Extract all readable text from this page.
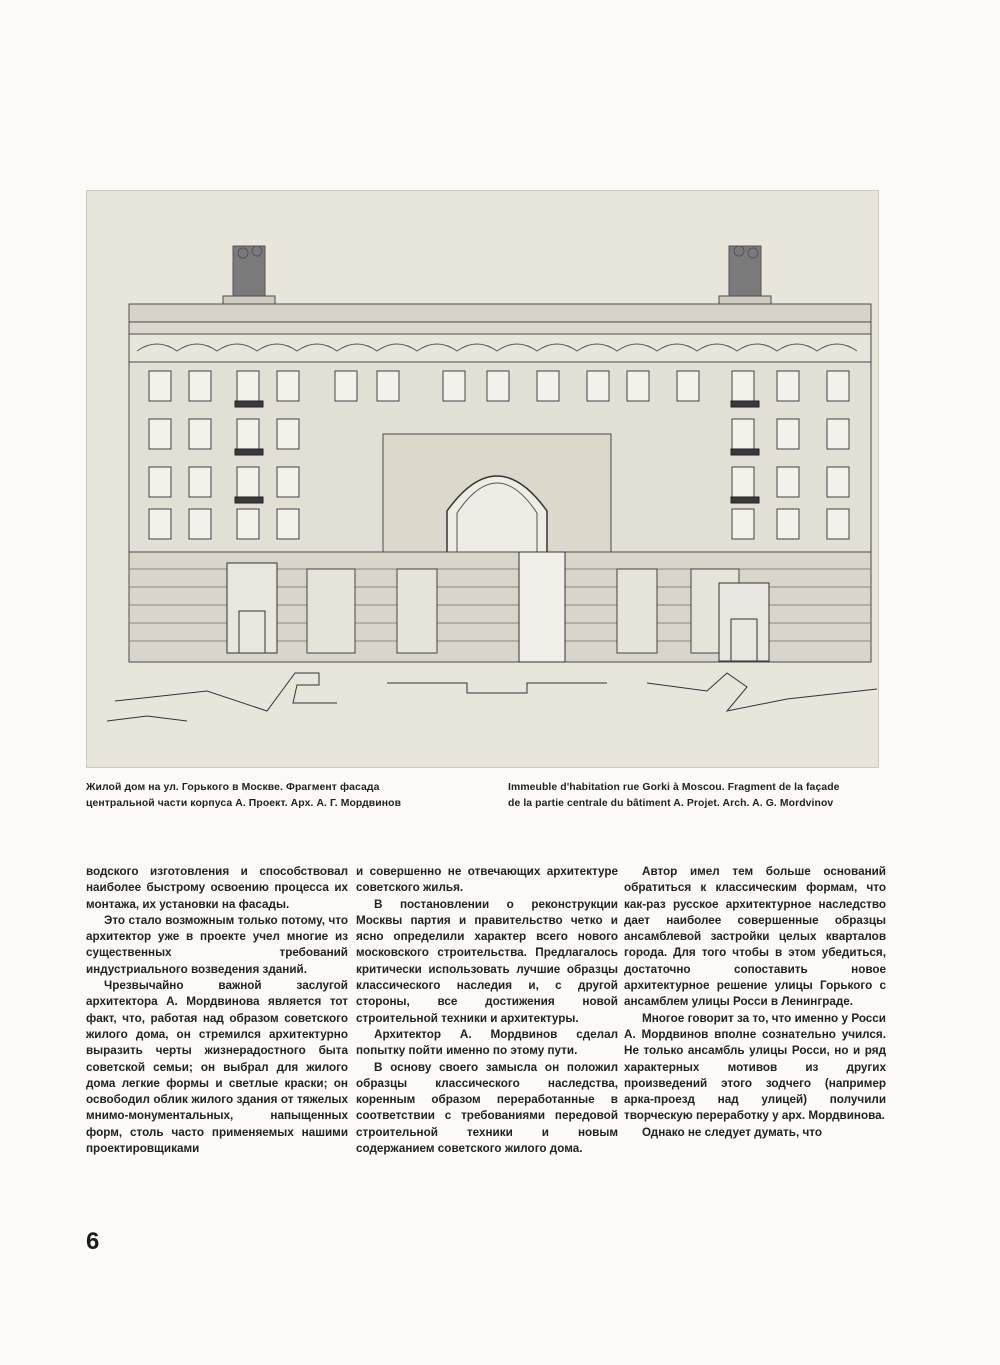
Жилой дом на ул. Горького в Москве. Фрагмент фасада
центральной части корпуса А. Проект. Арх. А. Г. Мордвинов
Immeuble d'habitation rue Gorki à Moscou. Fragment de la façade
de la partie centrale du bâtiment A. Projet. Arch. A. G. Mordvinov

водского изготовления и способствовал наиболее быстрому освоению процесса их монтажа, их установки на фасады.

Это стало возможным только потому, что архитектор уже в проекте учел многие из существенных требований индустриального возведения зданий.

Чрезвычайно важной заслугой архитектора А. Мордвинова является тот факт, что, работая над образом советского жилого дома, он стремился архитектурно выразить черты жизнерадостного быта советской семьи; он выбрал для жилого дома легкие формы и светлые краски; он освободил облик жилого здания от тяжелых мнимо-монументальных, напыщенных форм, столь часто применяемых нашими проектировщиками

и совершенно не отвечающих архитектуре советского жилья.

В постановлении о реконструкции Москвы партия и правительство четко и ясно определили характер всего нового московского строительства. Предлагалось критически использовать лучшие образцы классического наследия и, с другой стороны, все достижения новой строительной техники и архитектуры.

Архитектор А. Мордвинов сделал попытку пойти именно по этому пути.

В основу своего замысла он положил образцы классического наследства, коренным образом переработанные в соответствии с требованиями передовой строительной техники и новым содержанием советского жилого дома.

Автор имел тем больше оснований обратиться к классическим формам, что как-раз русское архитектурное наследство дает наиболее совершенные образцы ансамблевой застройки целых кварталов города. Для того чтобы в этом убедиться, достаточно сопоставить новое архитектурное решение улицы Горького с ансамблем улицы Росси в Ленинграде.

Многое говорит за то, что именно у Росси А. Мордвинов вполне сознательно учился. Не только ансамбль улицы Росси, но и ряд характерных мотивов из других произведений этого зодчего (например арка-проезд над улицей) получили творческую переработку у арх. Мордвинова.

Однако не следует думать, что

6
